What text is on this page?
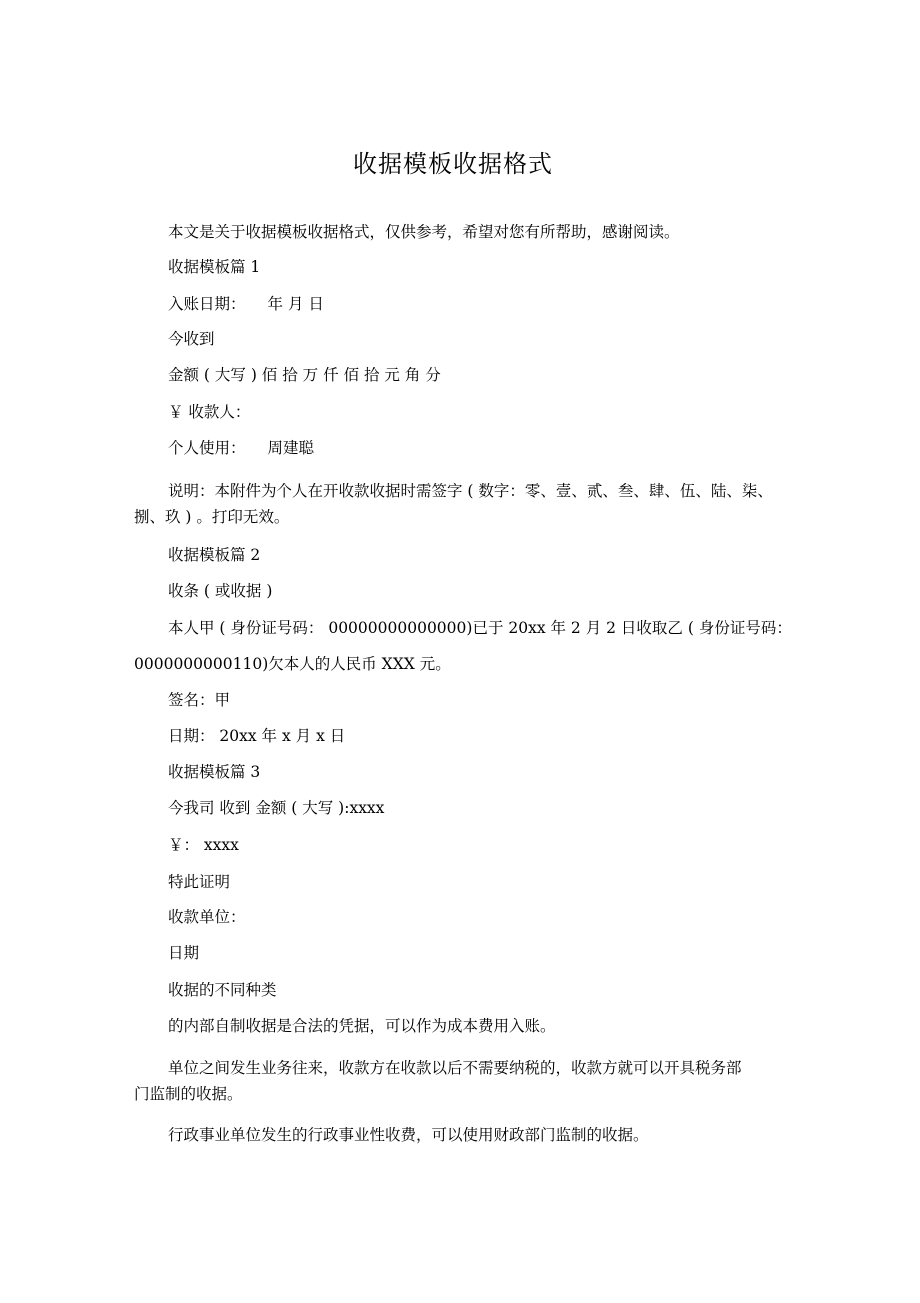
收据模板收据格式
本文是关于收据模板收据格式，仅供参考，希望对您有所帮助，感谢阅读。
收据模板篇 1
入账日期： 年 月 日
今收到
金额 ( 大写 ) 佰 拾 万 仟 佰 拾 元 角 分
￥ 收款人：
个人使用： 周建聪
说明：本附件为个人在开收款收据时需签字 ( 数字：零、壹、贰、叁、肆、伍、陆、柒、捌、玖 ) 。打印无效。
收据模板篇 2
收条 ( 或收据 )
本人甲 ( 身份证号码： 00000000000000)已于 20xx 年 2 月 2 日收取乙 ( 身份证号码： 0000000000110)欠本人的人民币 XXX 元。
签名：甲
日期： 20xx 年 x 月 x 日
收据模板篇 3
今我司 收到 金额 ( 大写 ):xxxx
￥： xxxx
特此证明
收款单位：
日期
收据的不同种类
的内部自制收据是合法的凭据，可以作为成本费用入账。
单位之间发生业务往来，收款方在收款以后不需要纳税的，收款方就可以开具税务部门监制的收据。
行政事业单位发生的行政事业性收费，可以使用财政部门监制的收据。
